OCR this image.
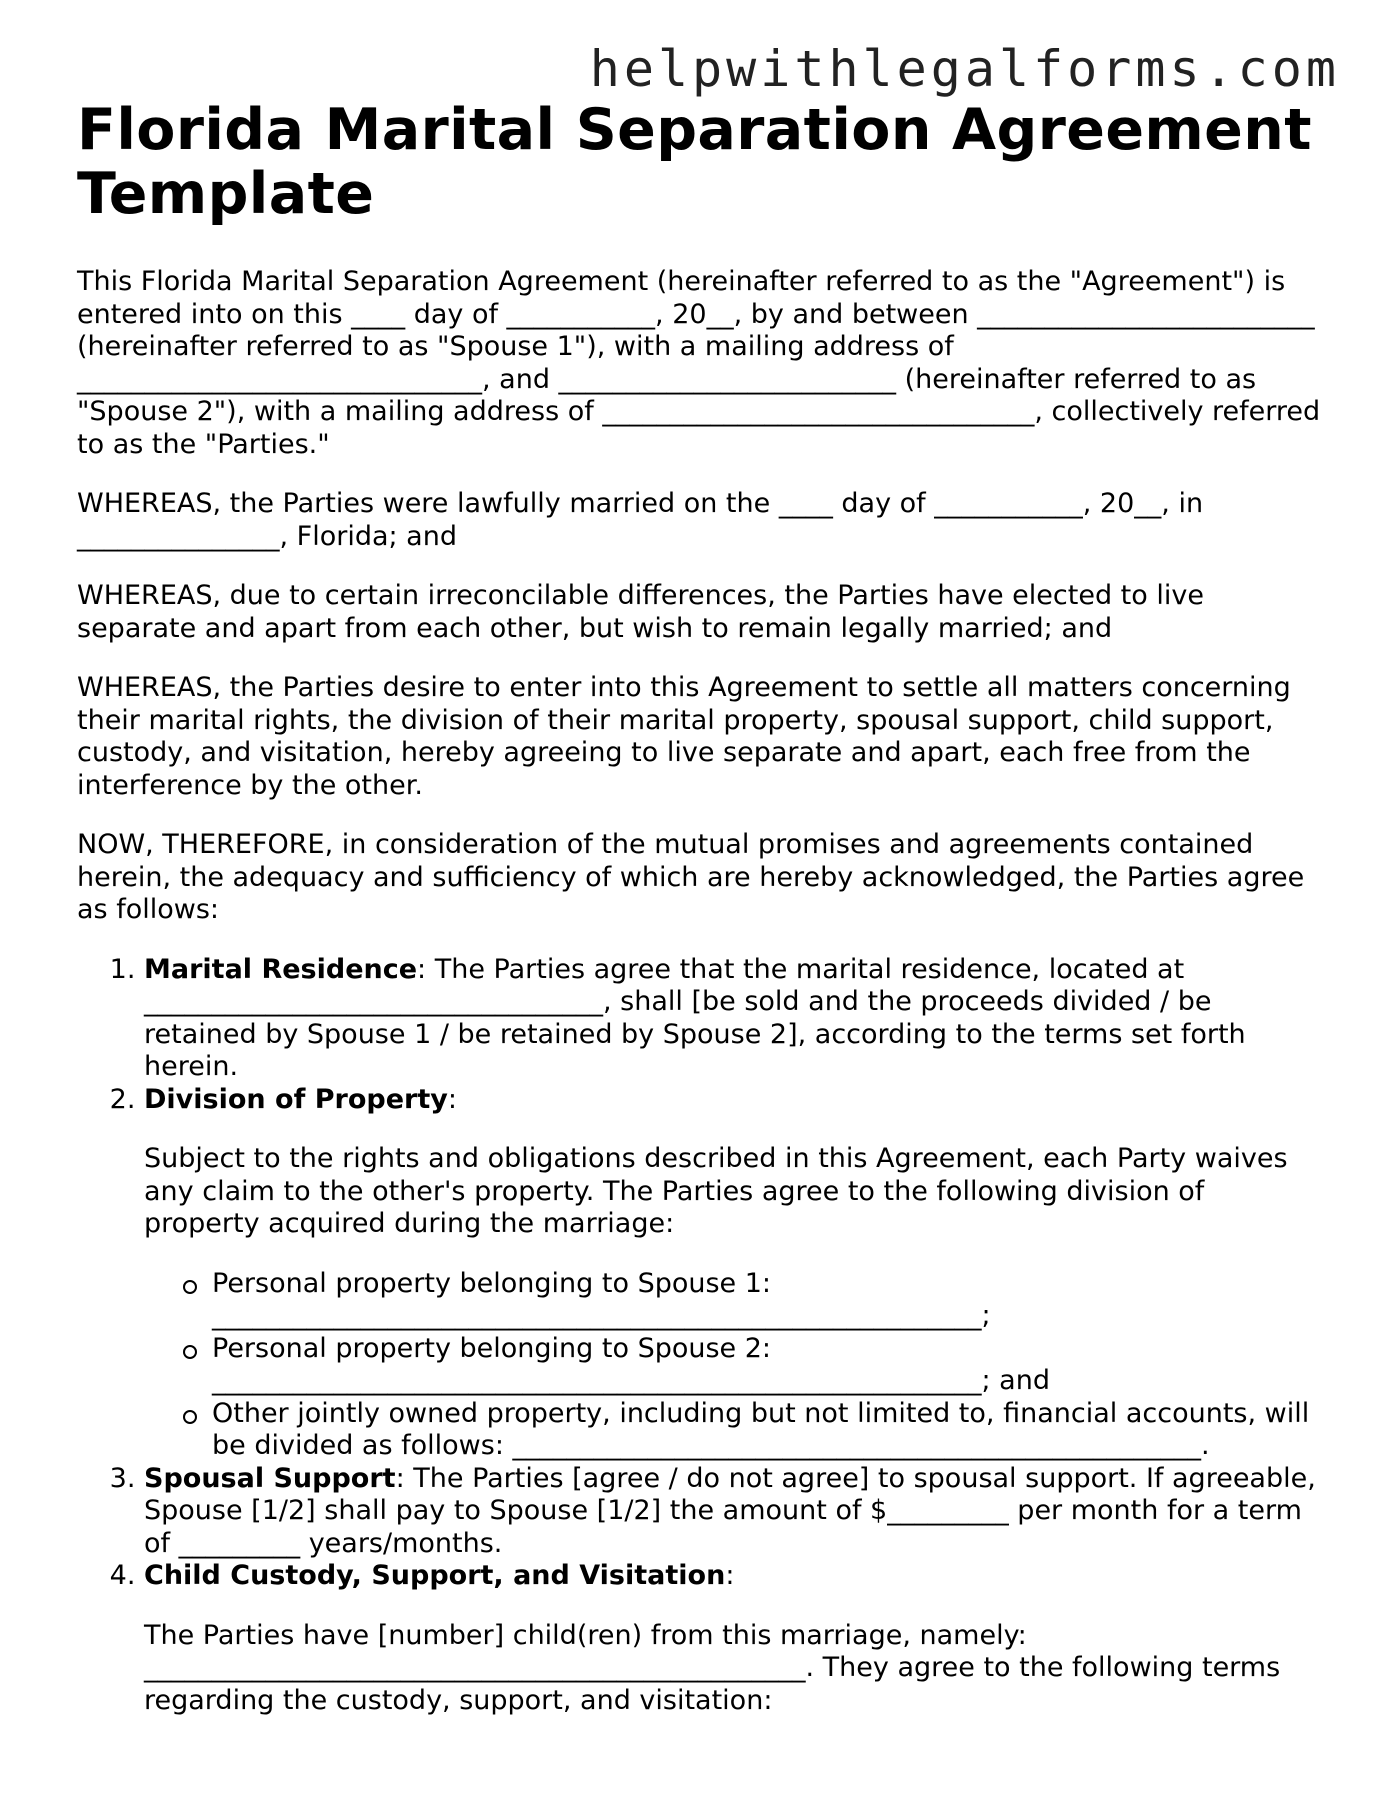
helpwithlegalforms.com
Florida Marital Separation Agreement Template

This Florida Marital Separation Agreement (hereinafter referred to as the "Agreement") is entered into on this ____ day of ___________, 20__, by and between _________________________ (hereinafter referred to as "Spouse 1"), with a mailing address of ______________________________, and _________________________ (hereinafter referred to as "Spouse 2"), with a mailing address of ________________________________, collectively referred to as the "Parties."

WHEREAS, the Parties were lawfully married on the ____ day of ___________, 20__, in _______________, Florida; and

WHEREAS, due to certain irreconcilable differences, the Parties have elected to live separate and apart from each other, but wish to remain legally married; and

WHEREAS, the Parties desire to enter into this Agreement to settle all matters concerning their marital rights, the division of their marital property, spousal support, child support, custody, and visitation, hereby agreeing to live separate and apart, each free from the interference by the other.

NOW, THEREFORE, in consideration of the mutual promises and agreements contained herein, the adequacy and sufficiency of which are hereby acknowledged, the Parties agree as follows:

1. Marital Residence: The Parties agree that the marital residence, located at __________________________________, shall [be sold and the proceeds divided / be retained by Spouse 1 / be retained by Spouse 2], according to the terms set forth herein.
2. Division of Property:

Subject to the rights and obligations described in this Agreement, each Party waives any claim to the other's property. The Parties agree to the following division of property acquired during the marriage:

Personal property belonging to Spouse 1: _________________________________________________________;
Personal property belonging to Spouse 2: _________________________________________________________; and
Other jointly owned property, including but not limited to, financial accounts, will be divided as follows: ___________________________________________________.
3. Spousal Support: The Parties [agree / do not agree] to spousal support. If agreeable, Spouse [1/2] shall pay to Spouse [1/2] the amount of $_________ per month for a term of _________ years/months.
4. Child Custody, Support, and Visitation:

The Parties have [number] child(ren) from this marriage, namely: _________________________________________________. They agree to the following terms regarding the custody, support, and visitation:
